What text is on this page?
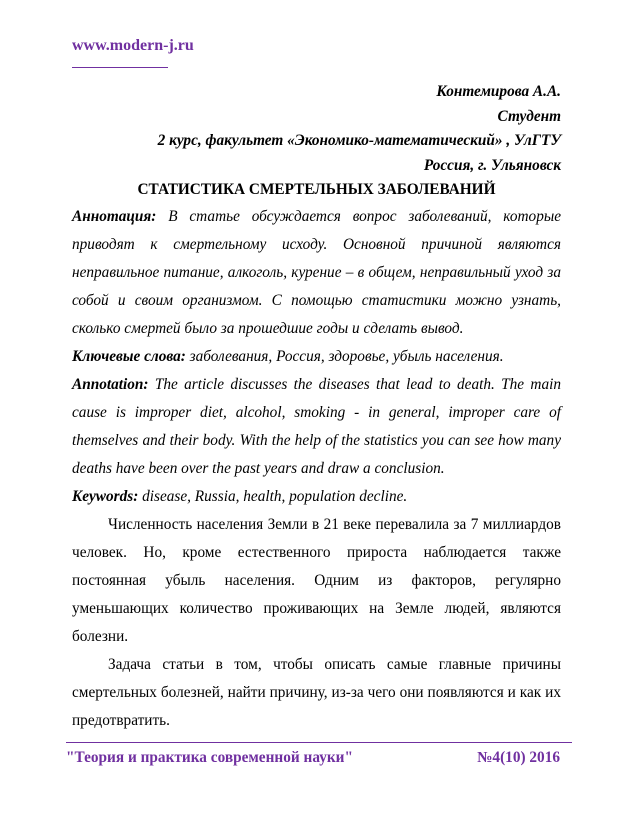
www.modern-j.ru
Контемирова А.А.
Студент
2 курс, факультет «Экономико-математический» , УлГТУ
Россия, г. Ульяновск
СТАТИСТИКА СМЕРТЕЛЬНЫХ ЗАБОЛЕВАНИЙ

Аннотация: В статье обсуждается вопрос заболеваний, которые приводят к смертельному исходу. Основной причиной являются неправильное питание, алкоголь, курение – в общем, неправильный уход за собой и своим организмом. С помощью статистики можно узнать, сколько смертей было за прошедшие годы и сделать вывод.

Ключевые слова: заболевания, Россия, здоровье, убыль населения.

Annotation: The article discusses the diseases that lead to death. The main cause is improper diet, alcohol, smoking - in general, improper care of themselves and their body. With the help of the statistics you can see how many deaths have been over the past years and draw a conclusion.

Keywords: disease, Russia, health, population decline.

Численность населения Земли в 21 веке перевалила за 7 миллиардов человек. Но, кроме естественного прироста наблюдается также постоянная убыль населения. Одним из факторов, регулярно уменьшающих количество проживающих на Земле людей, являются болезни.

Задача статьи в том, чтобы описать самые главные причины смертельных болезней, найти причину, из-за чего они появляются и как их предотвратить.

"Теория и практика современной науки"	№4(10) 2016
